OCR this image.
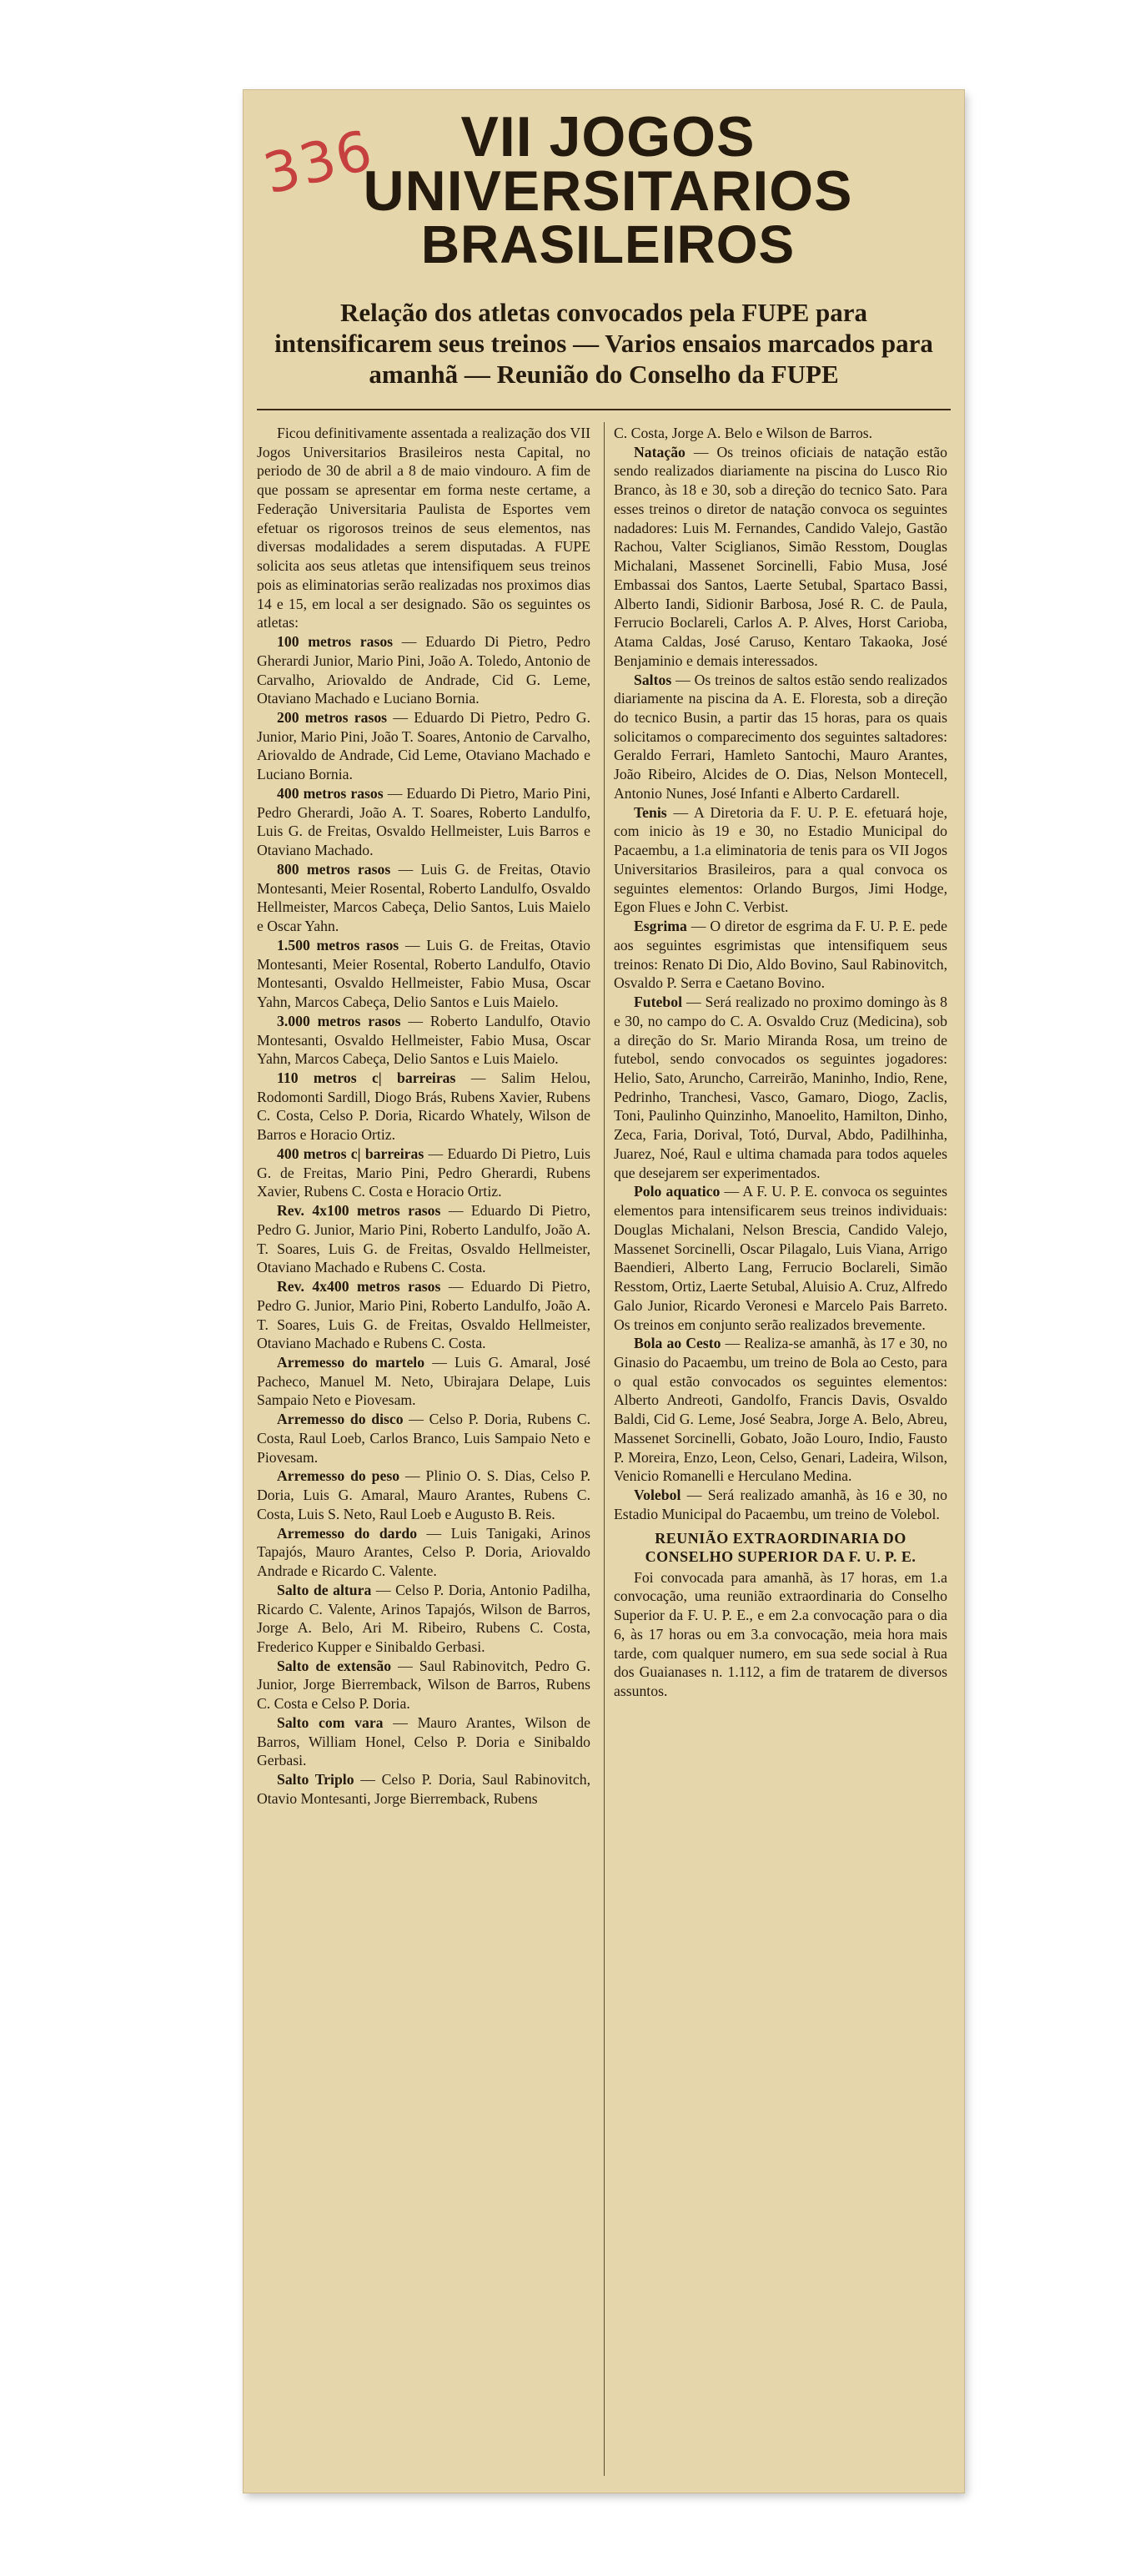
336	VII JOGOS UNIVERSITARIOS
BRASILEIROS
Relação dos atletas convocados pela FUPE para intensificarem seus treinos — Varios ensaios marcados para amanhã — Reunião do Conselho da FUPE

Ficou definitivamente assentada a realização dos VII Jogos Universitarios Brasileiros nesta Capital, no periodo de 30 de abril a 8 de maio vindouro. A fim de que possam se apresentar em forma neste certame, a Federação Universitaria Paulista de Esportes vem efetuar os rigorosos treinos de seus elementos, nas diversas modalidades a serem disputadas. A FUPE solicita aos seus atletas que intensifiquem seus treinos pois as eliminatorias serão realizadas nos proximos dias 14 e 15, em local a ser designado. São os seguintes os atletas:

100 metros rasos — Eduardo Di Pietro, Pedro Gherardi Junior, Mario Pini, João A. Toledo, Antonio de Carvalho, Ariovaldo de Andrade, Cid G. Leme, Otaviano Machado e Luciano Bornia.

200 metros rasos — Eduardo Di Pietro, Pedro G. Junior, Mario Pini, João T. Soares, Antonio de Carvalho, Ariovaldo de Andrade, Cid Leme, Otaviano Machado e Luciano Bornia.

400 metros rasos — Eduardo Di Pietro, Mario Pini, Pedro Gherardi, João A. T. Soares, Roberto Landulfo, Luis G. de Freitas, Osvaldo Hellmeister, Luis Barros e Otaviano Machado.

800 metros rasos — Luis G. de Freitas, Otavio Montesanti, Meier Rosental, Roberto Landulfo, Osvaldo Hellmeister, Marcos Cabeça, Delio Santos, Luis Maielo e Oscar Yahn.

1.500 metros rasos — Luis G. de Freitas, Otavio Montesanti, Meier Rosental, Roberto Landulfo, Otavio Montesanti, Osvaldo Hellmeister, Fabio Musa, Oscar Yahn, Marcos Cabeça, Delio Santos e Luis Maielo.

3.000 metros rasos — Roberto Landulfo, Otavio Montesanti, Osvaldo Hellmeister, Fabio Musa, Oscar Yahn, Marcos Cabeça, Delio Santos e Luis Maielo.

110 metros c| barreiras — Salim Helou, Rodomonti Sardill, Diogo Brás, Rubens Xavier, Rubens C. Costa, Celso P. Doria, Ricardo Whately, Wilson de Barros e Horacio Ortiz.

400 metros c| barreiras — Eduardo Di Pietro, Luis G. de Freitas, Mario Pini, Pedro Gherardi, Rubens Xavier, Rubens C. Costa e Horacio Ortiz.

Rev. 4x100 metros rasos — Eduardo Di Pietro, Pedro G. Junior, Mario Pini, Roberto Landulfo, João A. T. Soares, Luis G. de Freitas, Osvaldo Hellmeister, Otaviano Machado e Rubens C. Costa.

Rev. 4x400 metros rasos — Eduardo Di Pietro, Pedro G. Junior, Mario Pini, Roberto Landulfo, João A. T. Soares, Luis G. de Freitas, Osvaldo Hellmeister, Otaviano Machado e Rubens C. Costa.

Arremesso do martelo — Luis G. Amaral, José Pacheco, Manuel M. Neto, Ubirajara Delape, Luis Sampaio Neto e Piovesam.

Arremesso do disco — Celso P. Doria, Rubens C. Costa, Raul Loeb, Carlos Branco, Luis Sampaio Neto e Piovesam.

Arremesso do peso — Plinio O. S. Dias, Celso P. Doria, Luis G. Amaral, Mauro Arantes, Rubens C. Costa, Luis S. Neto, Raul Loeb e Augusto B. Reis.

Arremesso do dardo — Luis Tanigaki, Arinos Tapajós, Mauro Arantes, Celso P. Doria, Ariovaldo Andrade e Ricardo C. Valente.

Salto de altura — Celso P. Doria, Antonio Padilha, Ricardo C. Valente, Arinos Tapajós, Wilson de Barros, Jorge A. Belo, Ari M. Ribeiro, Rubens C. Costa, Frederico Kupper e Sinibaldo Gerbasi.

Salto de extensão — Saul Rabinovitch, Pedro G. Junior, Jorge Bierremback, Wilson de Barros, Rubens C. Costa e Celso P. Doria.

Salto com vara — Mauro Arantes, Wilson de Barros, William Honel, Celso P. Doria e Sinibaldo Gerbasi.

Salto Triplo — Celso P. Doria, Saul Rabinovitch, Otavio Montesanti, Jorge Bierremback, Rubens

C. Costa, Jorge A. Belo e Wilson de Barros.

Natação — Os treinos oficiais de natação estão sendo realizados diariamente na piscina do Lusco Rio Branco, às 18 e 30, sob a direção do tecnico Sato. Para esses treinos o diretor de natação convoca os seguintes nadadores: Luis M. Fernandes, Candido Valejo, Gastão Rachou, Valter Sciglianos, Simão Resstom, Douglas Michalani, Massenet Sorcinelli, Fabio Musa, José Embassai dos Santos, Laerte Setubal, Spartaco Bassi, Alberto Iandi, Sidionir Barbosa, José R. C. de Paula, Ferrucio Boclareli, Carlos A. P. Alves, Horst Carioba, Atama Caldas, José Caruso, Kentaro Takaoka, José Benjaminio e demais interessados.

Saltos — Os treinos de saltos estão sendo realizados diariamente na piscina da A. E. Floresta, sob a direção do tecnico Busin, a partir das 15 horas, para os quais solicitamos o comparecimento dos seguintes saltadores: Geraldo Ferrari, Hamleto Santochi, Mauro Arantes, João Ribeiro, Alcides de O. Dias, Nelson Montecell, Antonio Nunes, José Infanti e Alberto Cardarell.

Tenis — A Diretoria da F. U. P. E. efetuará hoje, com inicio às 19 e 30, no Estadio Municipal do Pacaembu, a 1.a eliminatoria de tenis para os VII Jogos Universitarios Brasileiros, para a qual convoca os seguintes elementos: Orlando Burgos, Jimi Hodge, Egon Flues e John C. Verbist.

Esgrima — O diretor de esgrima da F. U. P. E. pede aos seguintes esgrimistas que intensifiquem seus treinos: Renato Di Dio, Aldo Bovino, Saul Rabinovitch, Osvaldo P. Serra e Caetano Bovino.

Futebol — Será realizado no proximo domingo às 8 e 30, no campo do C. A. Osvaldo Cruz (Medicina), sob a direção do Sr. Mario Miranda Rosa, um treino de futebol, sendo convocados os seguintes jogadores: Helio, Sato, Aruncho, Carreirão, Maninho, Indio, Rene, Pedrinho, Tranchesi, Vasco, Gamaro, Diogo, Zaclis, Toni, Paulinho Quinzinho, Manoelito, Hamilton, Dinho, Zeca, Faria, Dorival, Totó, Durval, Abdo, Padilhinha, Juarez, Noé, Raul e ultima chamada para todos aqueles que desejarem ser experimentados.

Polo aquatico — A F. U. P. E. convoca os seguintes elementos para intensificarem seus treinos individuais: Douglas Michalani, Nelson Brescia, Candido Valejo, Massenet Sorcinelli, Oscar Pilagalo, Luis Viana, Arrigo Baendieri, Alberto Lang, Ferrucio Boclareli, Simão Resstom, Ortiz, Laerte Setubal, Aluisio A. Cruz, Alfredo Galo Junior, Ricardo Veronesi e Marcelo Pais Barreto. Os treinos em conjunto serão realizados brevemente.

Bola ao Cesto — Realiza-se amanhã, às 17 e 30, no Ginasio do Pacaembu, um treino de Bola ao Cesto, para o qual estão convocados os seguintes elementos: Alberto Andreoti, Gandolfo, Francis Davis, Osvaldo Baldi, Cid G. Leme, José Seabra, Jorge A. Belo, Abreu, Massenet Sorcinelli, Gobato, João Louro, Indio, Fausto P. Moreira, Enzo, Leon, Celso, Genari, Ladeira, Wilson, Venicio Romanelli e Herculano Medina.

Volebol — Será realizado amanhã, às 16 e 30, no Estadio Municipal do Pacaembu, um treino de Volebol.

REUNIÃO EXTRAORDINARIA DO CONSELHO SUPERIOR DA F. U. P. E.

Foi convocada para amanhã, às 17 horas, em 1.a convocação, uma reunião extraordinaria do Conselho Superior da F. U. P. E., e em 2.a convocação para o dia 6, às 17 horas ou em 3.a convocação, meia hora mais tarde, com qualquer numero, em sua sede social à Rua dos Guaianases n. 1.112, a fim de tratarem de diversos assuntos.
